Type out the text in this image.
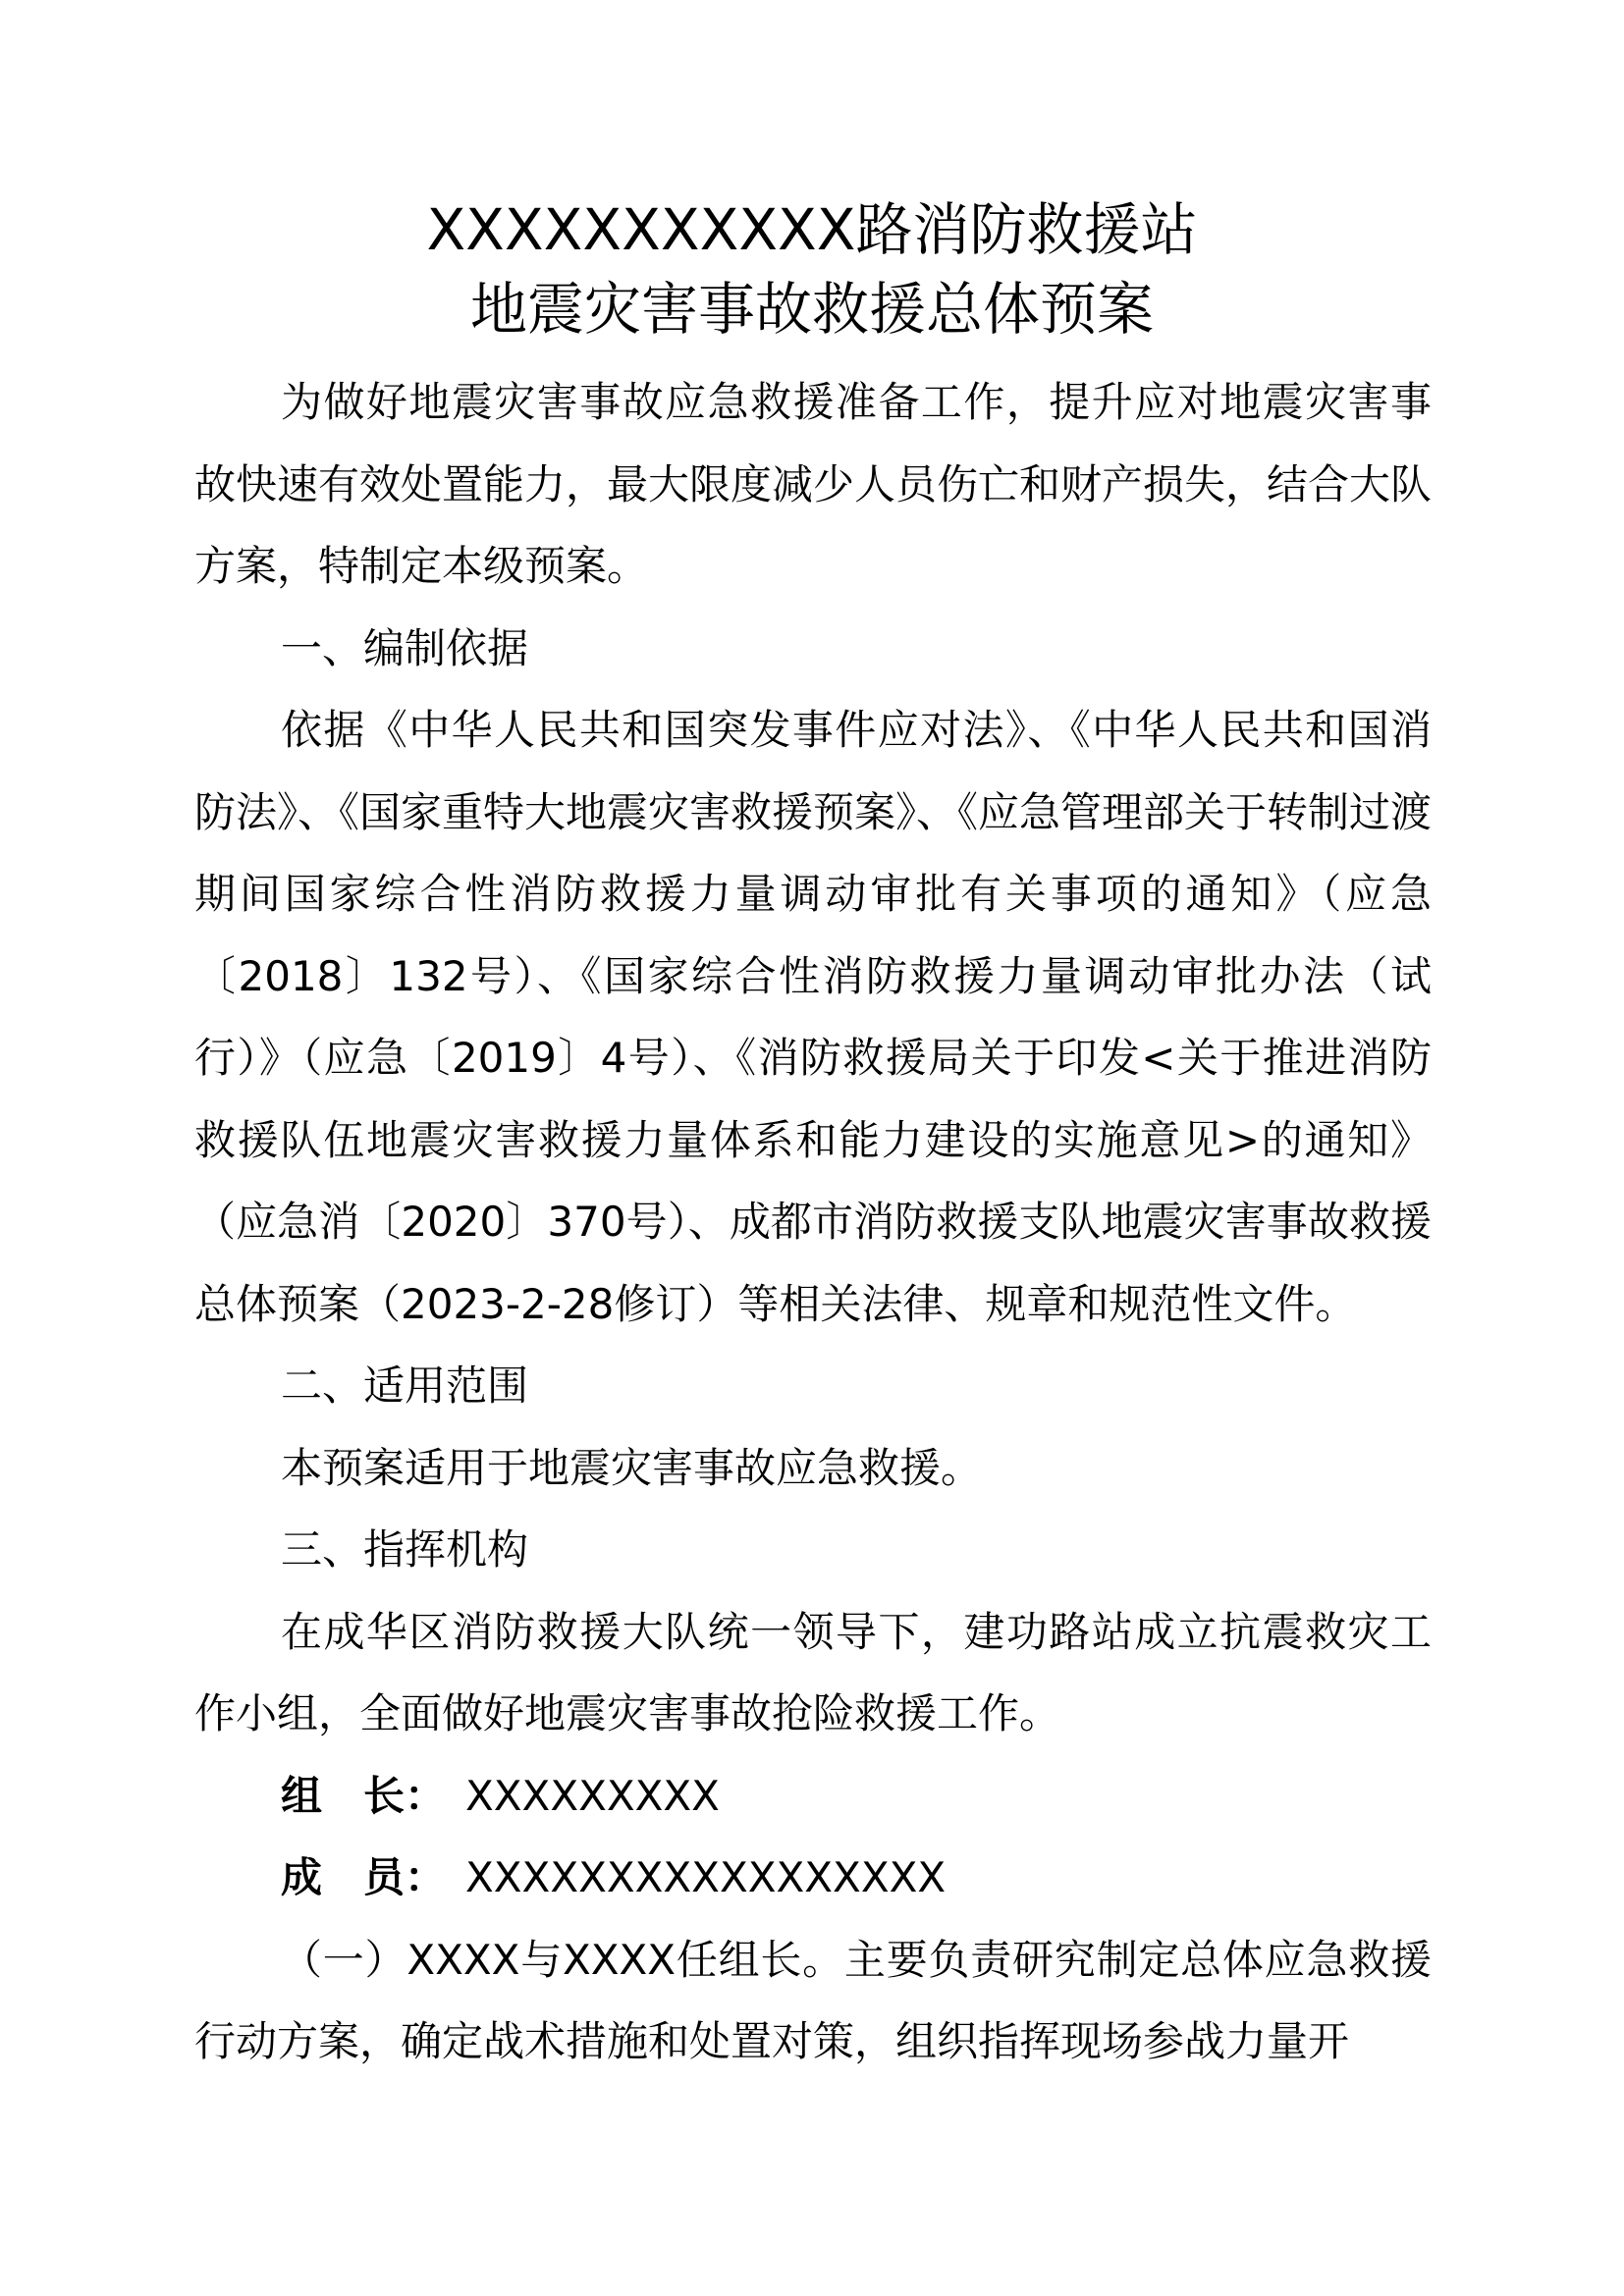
XXXXXXXXXXX路消防救援站
地震灾害事故救援总体预案

为做好地震灾害事故应急救援准备工作，提升应对地震灾害事故快速有效处置能力，最大限度减少人员伤亡和财产损失，结合大队方案，特制定本级预案。

一、编制依据

依据《中华人民共和国突发事件应对法》、《中华人民共和国消防法》、《国家重特大地震灾害救援预案》、《应急管理部关于转制过渡期间国家综合性消防救援力量调动审批有关事项的通知》（应急〔2018〕132号）、《国家综合性消防救援力量调动审批办法（试行）》（应急〔2019〕4号）、《消防救援局关于印发<关于推进消防救援队伍地震灾害救援力量体系和能力建设的实施意见>的通知》（应急消〔2020〕370号）、成都市消防救援支队地震灾害事故救援总体预案（2023-2-28修订）等相关法律、规章和规范性文件。

二、适用范围

本预案适用于地震灾害事故应急救援。

三、指挥机构

在成华区消防救援大队统一领导下，建功路站成立抗震救灾工作小组，全面做好地震灾害事故抢险救援工作。

组　长： XXXXXXXXX

成　员： XXXXXXXXXXXXXXXXX

（一）XXXX与XXXX任组长。主要负责研究制定总体应急救援行动方案，确定战术措施和处置对策，组织指挥现场参战力量开
